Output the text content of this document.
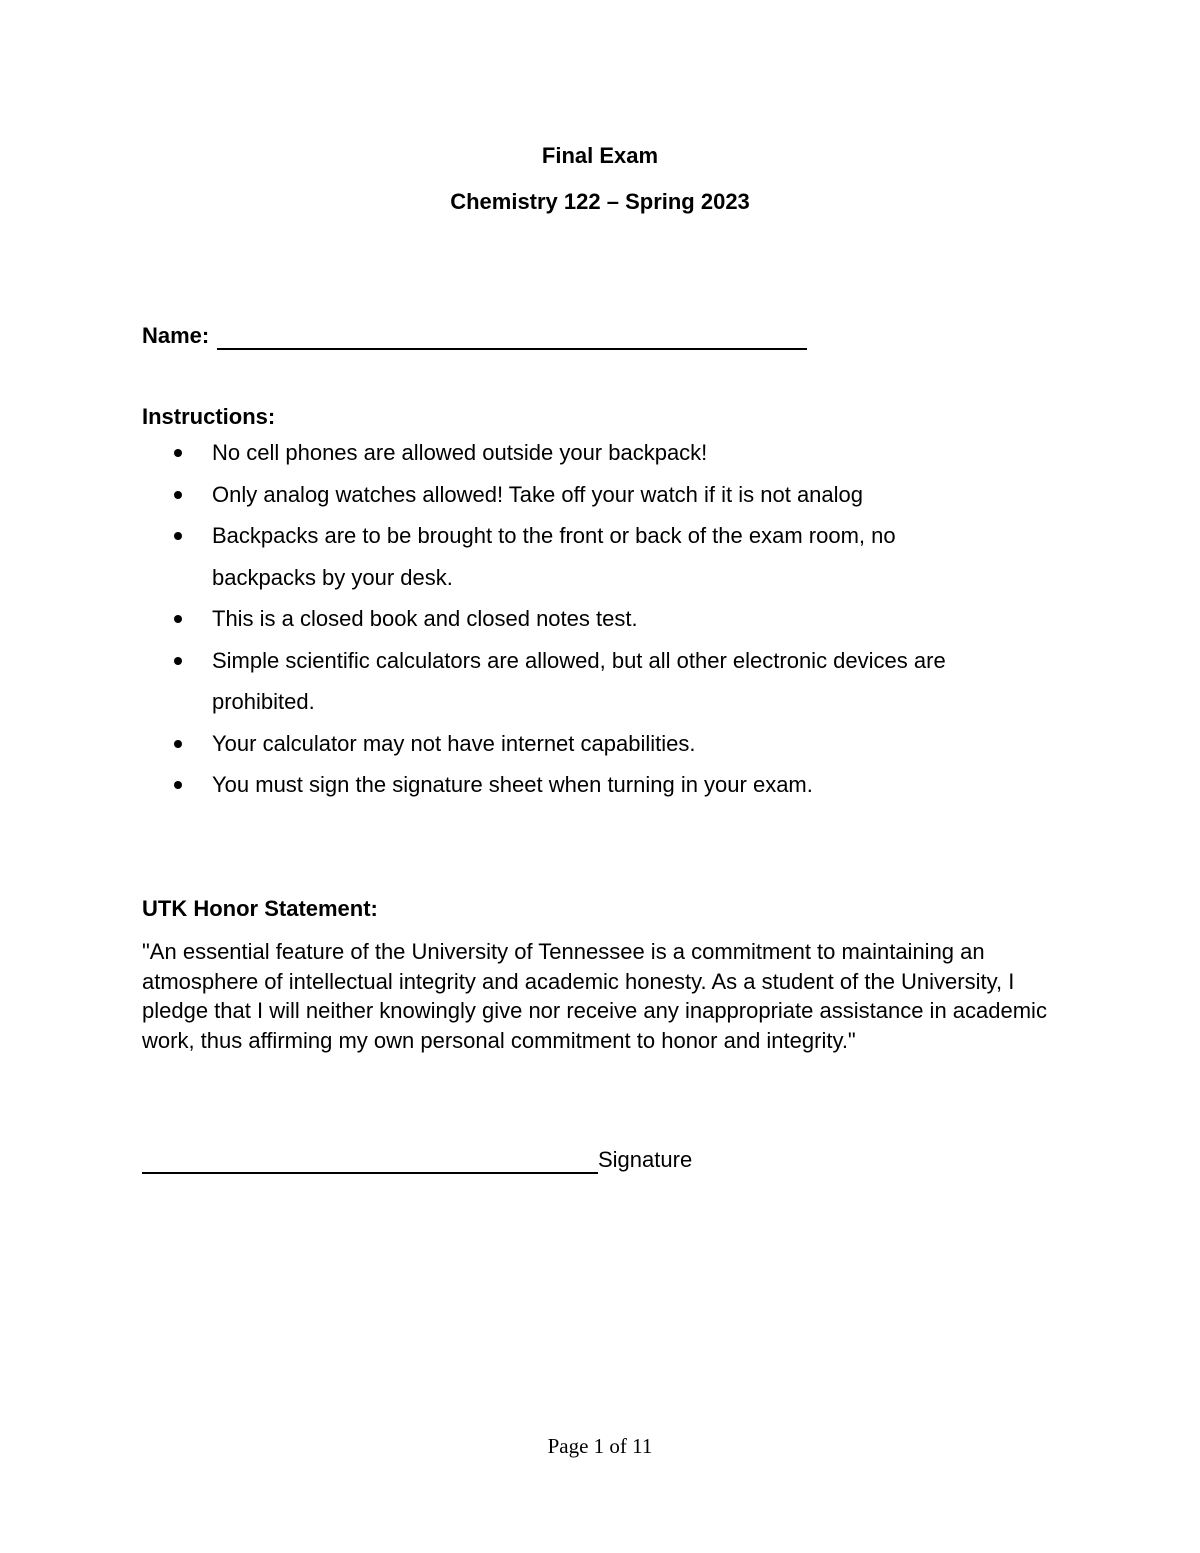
Final Exam
Chemistry 122 – Spring 2023
Name:
Instructions:
No cell phones are allowed outside your backpack!
Only analog watches allowed! Take off your watch if it is not analog
Backpacks are to be brought to the front or back of the exam room, no backpacks by your desk.
This is a closed book and closed notes test.
Simple scientific calculators are allowed, but all other electronic devices are prohibited.
Your calculator may not have internet capabilities.
You must sign the signature sheet when turning in your exam.
UTK Honor Statement:
"An essential feature of the University of Tennessee is a commitment to maintaining an atmosphere of intellectual integrity and academic honesty. As a student of the University, I pledge that I will neither knowingly give nor receive any inappropriate assistance in academic work, thus affirming my own personal commitment to honor and integrity."
Signature
Page 1 of 11
